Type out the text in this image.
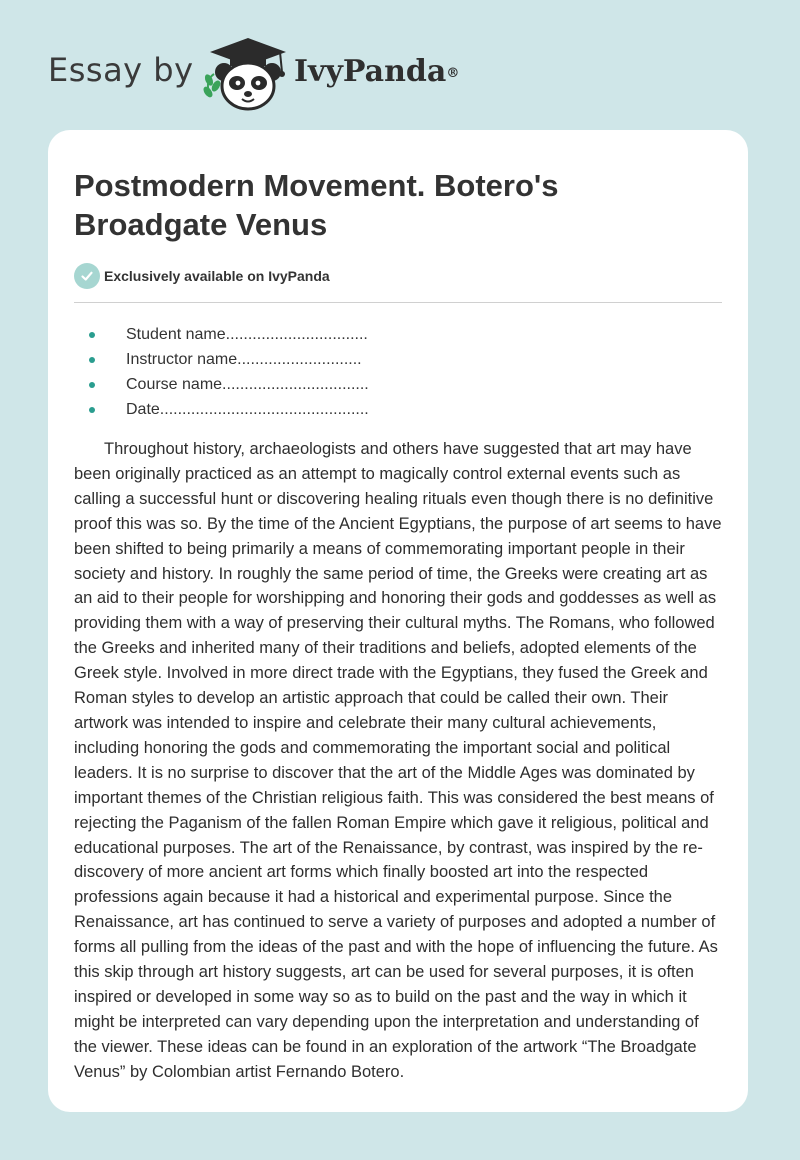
Essay by	IvyPanda®
Postmodern Movement. Botero's Broadgate Venus
Exclusively available on IvyPanda
Student name................................
Instructor name............................
Course name.................................
Date...............................................

Throughout history, archaeologists and others have suggested that art may have been originally practiced as an attempt to magically control external events such as calling a successful hunt or discovering healing rituals even though there is no definitive proof this was so. By the time of the Ancient Egyptians, the purpose of art seems to have been shifted to being primarily a means of commemorating important people in their society and history. In roughly the same period of time, the Greeks were creating art as an aid to their people for worshipping and honoring their gods and goddesses as well as providing them with a way of preserving their cultural myths. The Romans, who followed the Greeks and inherited many of their traditions and beliefs, adopted elements of the Greek style. Involved in more direct trade with the Egyptians, they fused the Greek and Roman styles to develop an artistic approach that could be called their own. Their artwork was intended to inspire and celebrate their many cultural achievements, including honoring the gods and commemorating the important social and political leaders. It is no surprise to discover that the art of the Middle Ages was dominated by important themes of the Christian religious faith. This was considered the best means of rejecting the Paganism of the fallen Roman Empire which gave it religious, political and educational purposes. The art of the Renaissance, by contrast, was inspired by the re-discovery of more ancient art forms which finally boosted art into the respected professions again because it had a historical and experimental purpose. Since the Renaissance, art has continued to serve a variety of purposes and adopted a number of forms all pulling from the ideas of the past and with the hope of influencing the future. As this skip through art history suggests, art can be used for several purposes, it is often inspired or developed in some way so as to build on the past and the way in which it might be interpreted can vary depending upon the interpretation and understanding of the viewer. These ideas can be found in an exploration of the artwork “The Broadgate Venus” by Colombian artist Fernando Botero.
